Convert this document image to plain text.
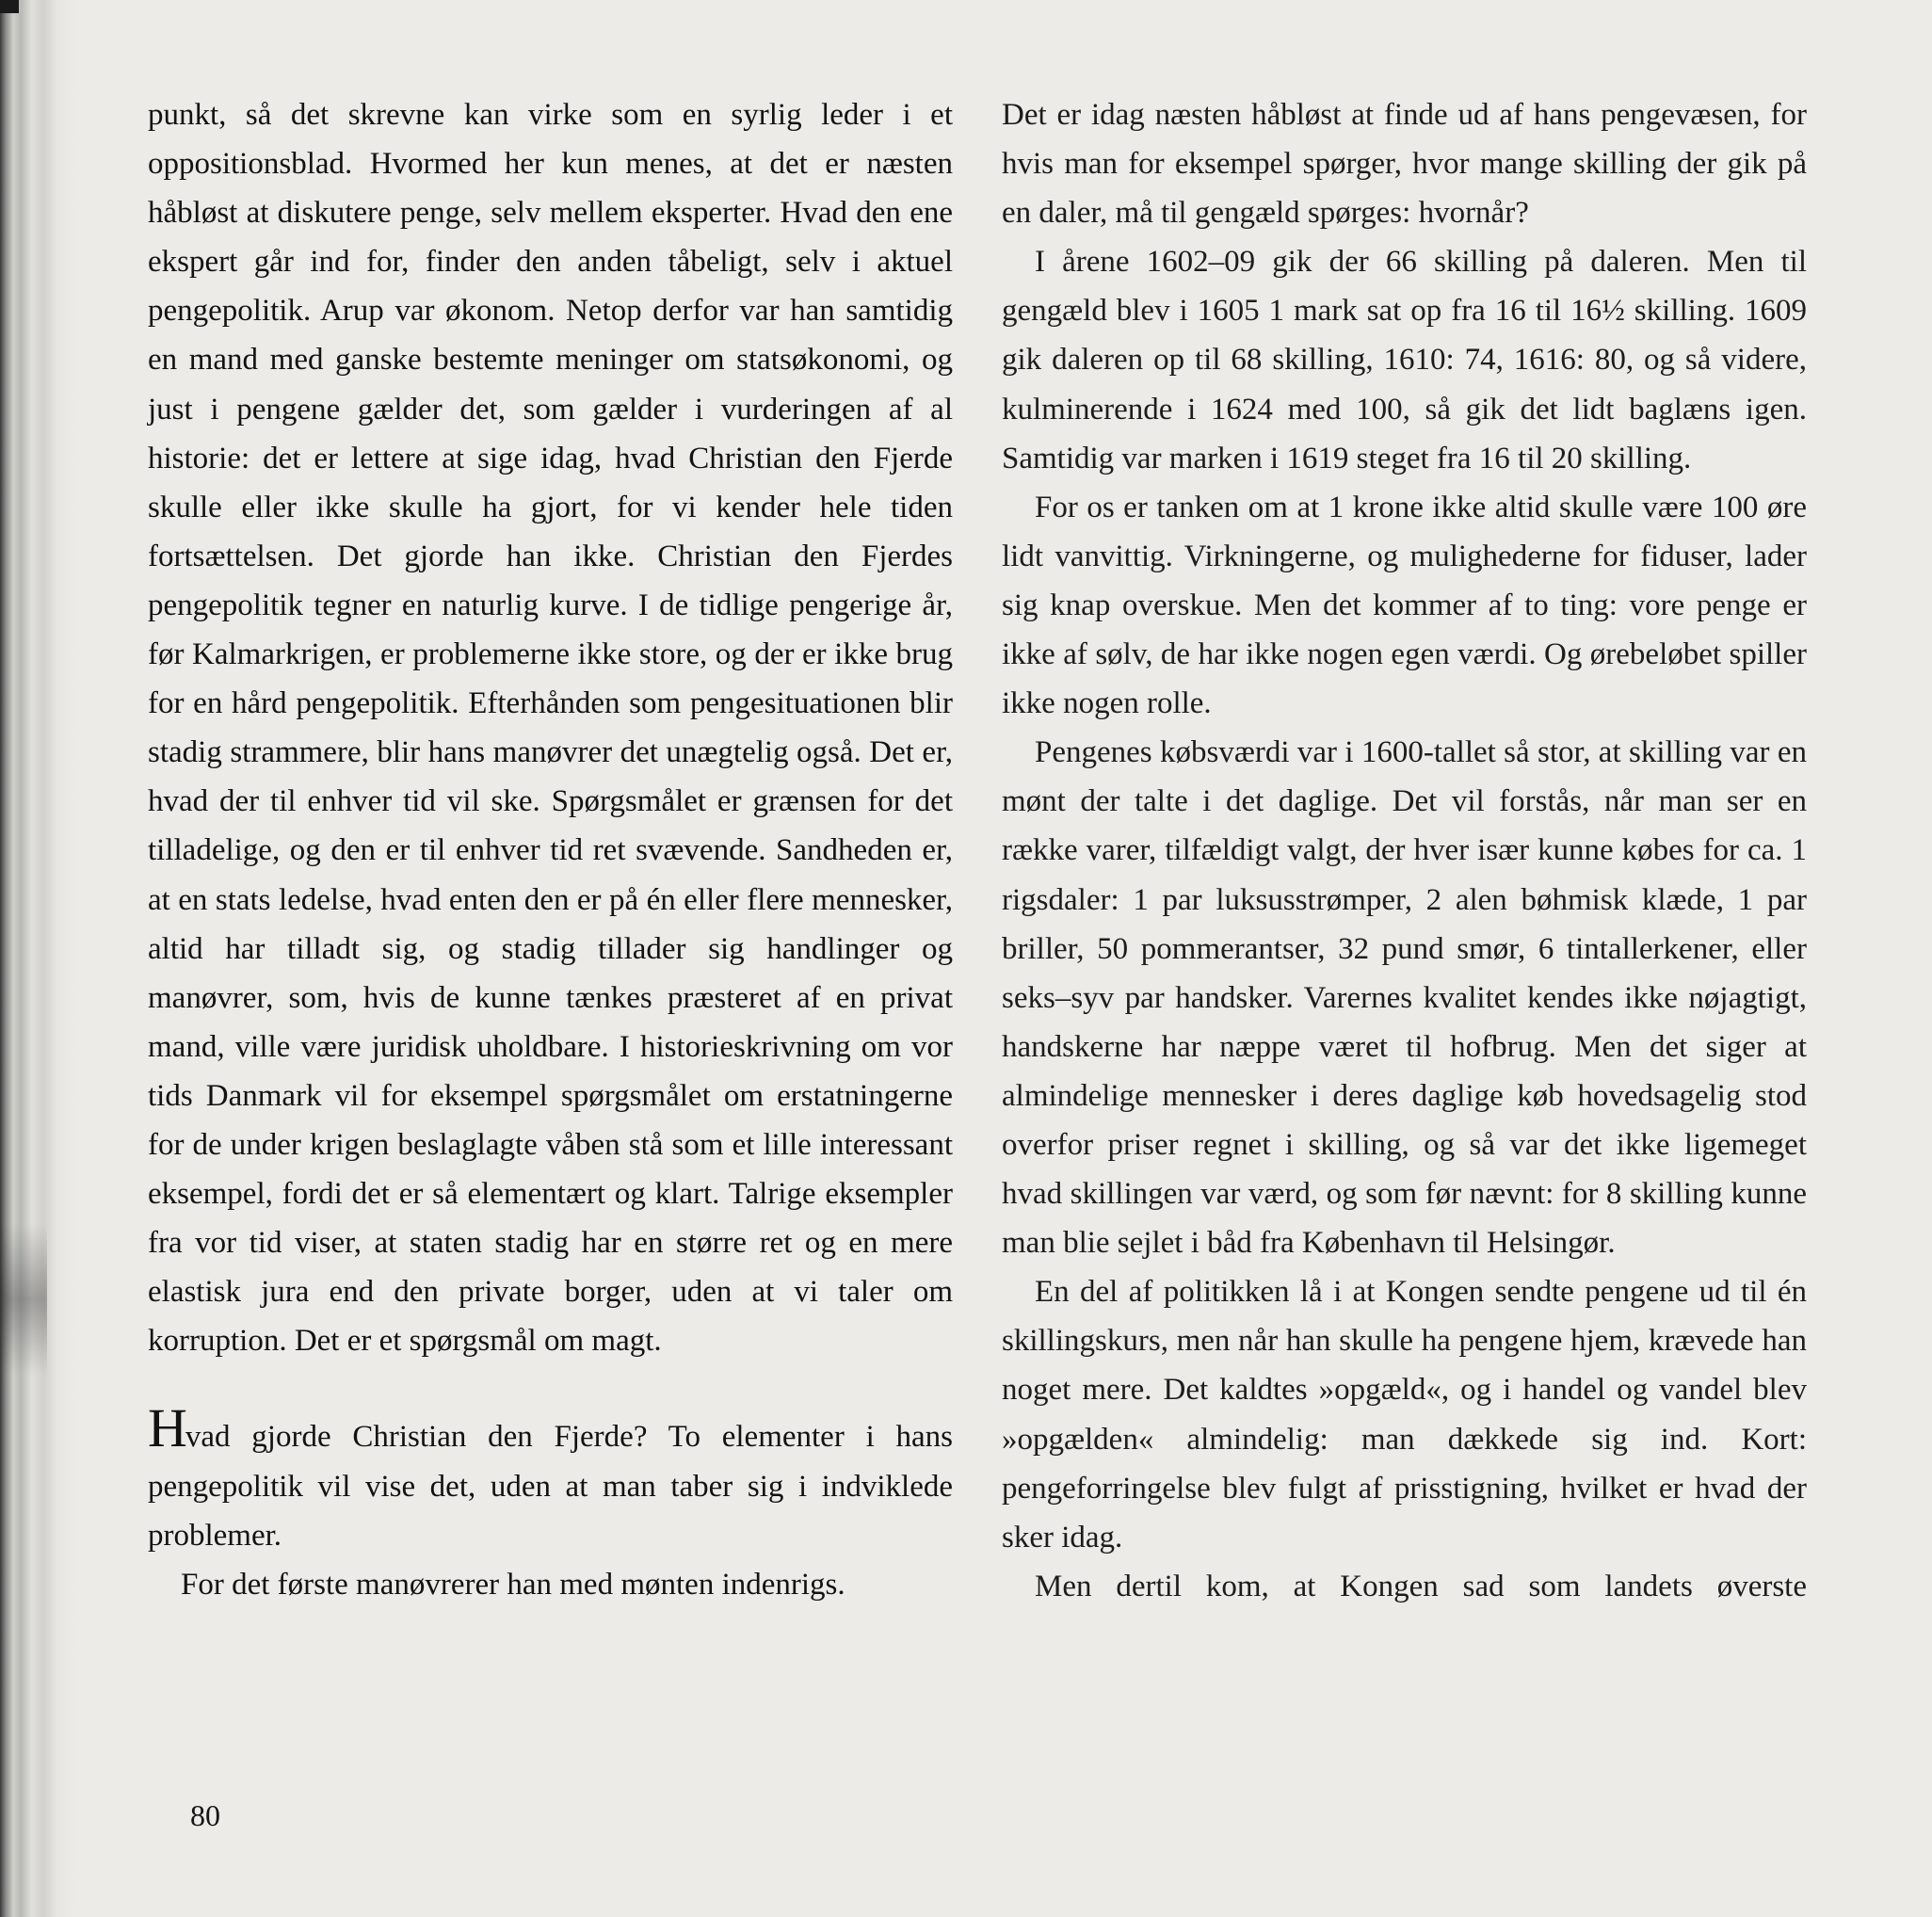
punkt, så det skrevne kan virke som en syrlig leder i et oppositionsblad. Hvormed her kun menes, at det er næsten håbløst at diskutere penge, selv mellem eksperter. Hvad den ene ekspert går ind for, finder den anden tåbeligt, selv i aktuel pengepolitik. Arup var økonom. Netop derfor var han samtidig en mand med ganske bestemte meninger om statsøkonomi, og just i pengene gælder det, som gælder i vurderingen af al historie: det er lettere at sige idag, hvad Christian den Fjerde skulle eller ikke skulle ha gjort, for vi kender hele tiden fortsættelsen. Det gjorde han ikke. Christian den Fjerdes pengepolitik tegner en naturlig kurve. I de tidlige pengerige år, før Kalmarkrigen, er problemerne ikke store, og der er ikke brug for en hård pengepolitik. Efterhånden som pengesituationen blir stadig strammere, blir hans manøvrer det unægtelig også. Det er, hvad der til enhver tid vil ske. Spørgsmålet er grænsen for det tilladelige, og den er til enhver tid ret svævende. Sandheden er, at en stats ledelse, hvad enten den er på én eller flere mennesker, altid har tilladt sig, og stadig tillader sig handlinger og manøvrer, som, hvis de kunne tænkes præsteret af en privat mand, ville være juridisk uholdbare. I historieskrivning om vor tids Danmark vil for eksempel spørgsmålet om erstatningerne for de under krigen beslaglagte våben stå som et lille interessant eksempel, fordi det er så elementært og klart. Talrige eksempler fra vor tid viser, at staten stadig har en større ret og en mere elastisk jura end den private borger, uden at vi taler om korruption. Det er et spørgsmål om magt.

Hvad gjorde Christian den Fjerde? To elementer i hans pengepolitik vil vise det, uden at man taber sig i indviklede problemer.

For det første manøvrerer han med mønten indenrigs.

Det er idag næsten håbløst at finde ud af hans pengevæsen, for hvis man for eksempel spørger, hvor mange skilling der gik på en daler, må til gengæld spørges: hvornår?

I årene 1602–09 gik der 66 skilling på daleren. Men til gengæld blev i 1605 1 mark sat op fra 16 til 16½ skilling. 1609 gik daleren op til 68 skilling, 1610: 74, 1616: 80, og så videre, kulminerende i 1624 med 100, så gik det lidt baglæns igen. Samtidig var marken i 1619 steget fra 16 til 20 skilling.

For os er tanken om at 1 krone ikke altid skulle være 100 øre lidt vanvittig. Virkningerne, og mulighederne for fiduser, lader sig knap overskue. Men det kommer af to ting: vore penge er ikke af sølv, de har ikke nogen egen værdi. Og ørebeløbet spiller ikke nogen rolle.

Pengenes købsværdi var i 1600-tallet så stor, at skilling var en mønt der talte i det daglige. Det vil forstås, når man ser en række varer, tilfældigt valgt, der hver især kunne købes for ca. 1 rigsdaler: 1 par luksusstrømper, 2 alen bøhmisk klæde, 1 par briller, 50 pommerantser, 32 pund smør, 6 tintallerkener, eller seks–syv par handsker. Varernes kvalitet kendes ikke nøjagtigt, handskerne har næppe været til hofbrug. Men det siger at almindelige mennesker i deres daglige køb hovedsagelig stod overfor priser regnet i skilling, og så var det ikke ligemeget hvad skillingen var værd, og som før nævnt: for 8 skilling kunne man blie sejlet i båd fra København til Helsingør.

En del af politikken lå i at Kongen sendte pengene ud til én skillingskurs, men når han skulle ha pengene hjem, krævede han noget mere. Det kaldtes »opgæld«, og i handel og vandel blev »opgælden« almindelig: man dækkede sig ind. Kort: pengeforringelse blev fulgt af prisstigning, hvilket er hvad der sker idag.

Men dertil kom, at Kongen sad som landets øverste

80
